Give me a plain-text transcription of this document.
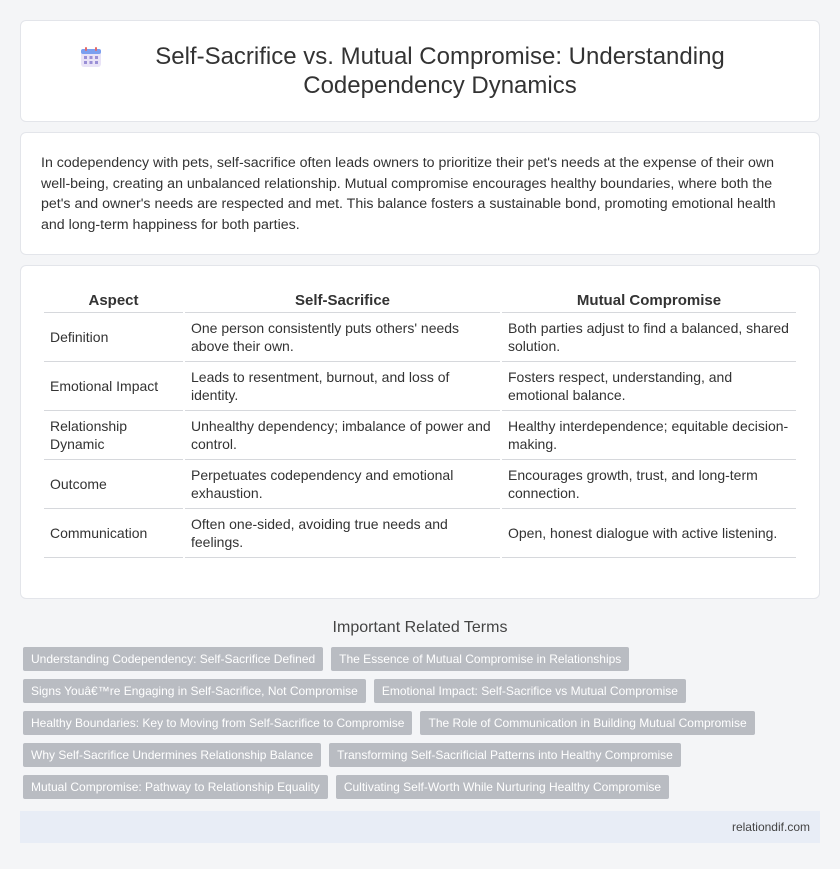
Self-Sacrifice vs. Mutual Compromise: Understanding Codependency Dynamics

In codependency with pets, self-sacrifice often leads owners to prioritize their pet's needs at the expense of their own well-being, creating an unbalanced relationship. Mutual compromise encourages healthy boundaries, where both the pet's and owner's needs are respected and met. This balance fosters a sustainable bond, promoting emotional health and long-term happiness for both parties.

Aspect	Self-Sacrifice	Mutual Compromise
Definition	One person consistently puts others' needs above their own.	Both parties adjust to find a balanced, shared solution.
Emotional Impact	Leads to resentment, burnout, and loss of identity.	Fosters respect, understanding, and emotional balance.
Relationship Dynamic	Unhealthy dependency; imbalance of power and control.	Healthy interdependence; equitable decision-making.
Outcome	Perpetuates codependency and emotional exhaustion.	Encourages growth, trust, and long-term connection.
Communication	Often one-sided, avoiding true needs and feelings.	Open, honest dialogue with active listening.
Important Related Terms
Understanding Codependency: Self-Sacrifice Defined	The Essence of Mutual Compromise in Relationships
Signs Youâ€™re Engaging in Self-Sacrifice, Not Compromise	Emotional Impact: Self-Sacrifice vs Mutual Compromise
Healthy Boundaries: Key to Moving from Self-Sacrifice to Compromise	The Role of Communication in Building Mutual Compromise
Why Self-Sacrifice Undermines Relationship Balance	Transforming Self-Sacrificial Patterns into Healthy Compromise
Mutual Compromise: Pathway to Relationship Equality	Cultivating Self-Worth While Nurturing Healthy Compromise
relationdif.com
